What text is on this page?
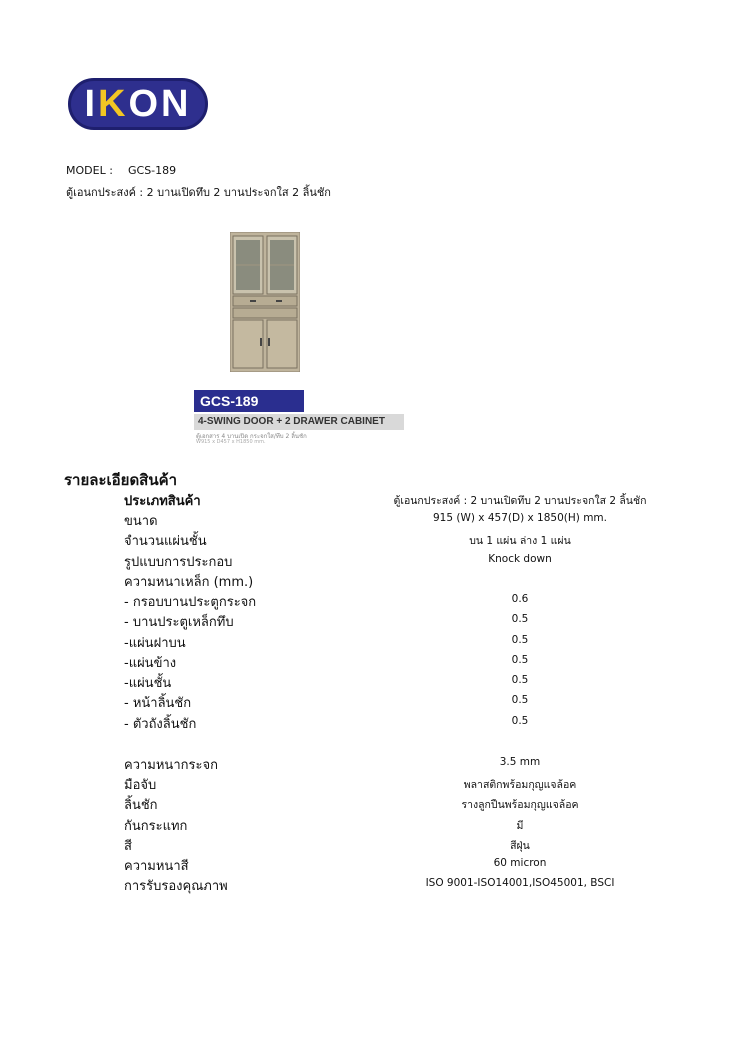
IKON
MODEL : GCS-189
ตู้เอนกประสงค์ : 2 บานเปิดทึบ 2 บานประจกใส 2 ลิ้นชัก
GCS-189
4-SWING DOOR + 2 DRAWER CABINET
ตู้เอกสาร 4 บานเปิด กระจกใส/ทึบ 2 ลิ้นชัก
W915 x D457 x H1850 mm.
รายละเอียดสินค้า
ประเภทสินค้า	ตู้เอนกประสงค์ : 2 บานเปิดทึบ 2 บานประจกใส 2 ลิ้นชัก
ขนาด	915 (W) x 457(D) x 1850(H) mm.
จำนวนแผ่นชั้น	บน 1 แผ่น ล่าง 1 แผ่น
รูปแบบการประกอบ	Knock down
ความหนาเหล็ก (mm.)
- กรอบบานประตูกระจก	0.6
- บานประตูเหล็กทึบ	0.5
-แผ่นฝาบน	0.5
-แผ่นข้าง	0.5
-แผ่นชั้น	0.5
- หน้าลิ้นชัก	0.5
- ตัวถังลิ้นชัก	0.5
ความหนากระจก	3.5 mm
มือจับ	พลาสติกพร้อมกุญแจล้อค
ลิ้นชัก	รางลูกปืนพร้อมกุญแจล้อค
กันกระแทก	มี
สี	สีฝุ่น
ความหนาสี	60 micron
การรับรองคุณภาพ	ISO 9001-ISO14001,ISO45001, BSCI
